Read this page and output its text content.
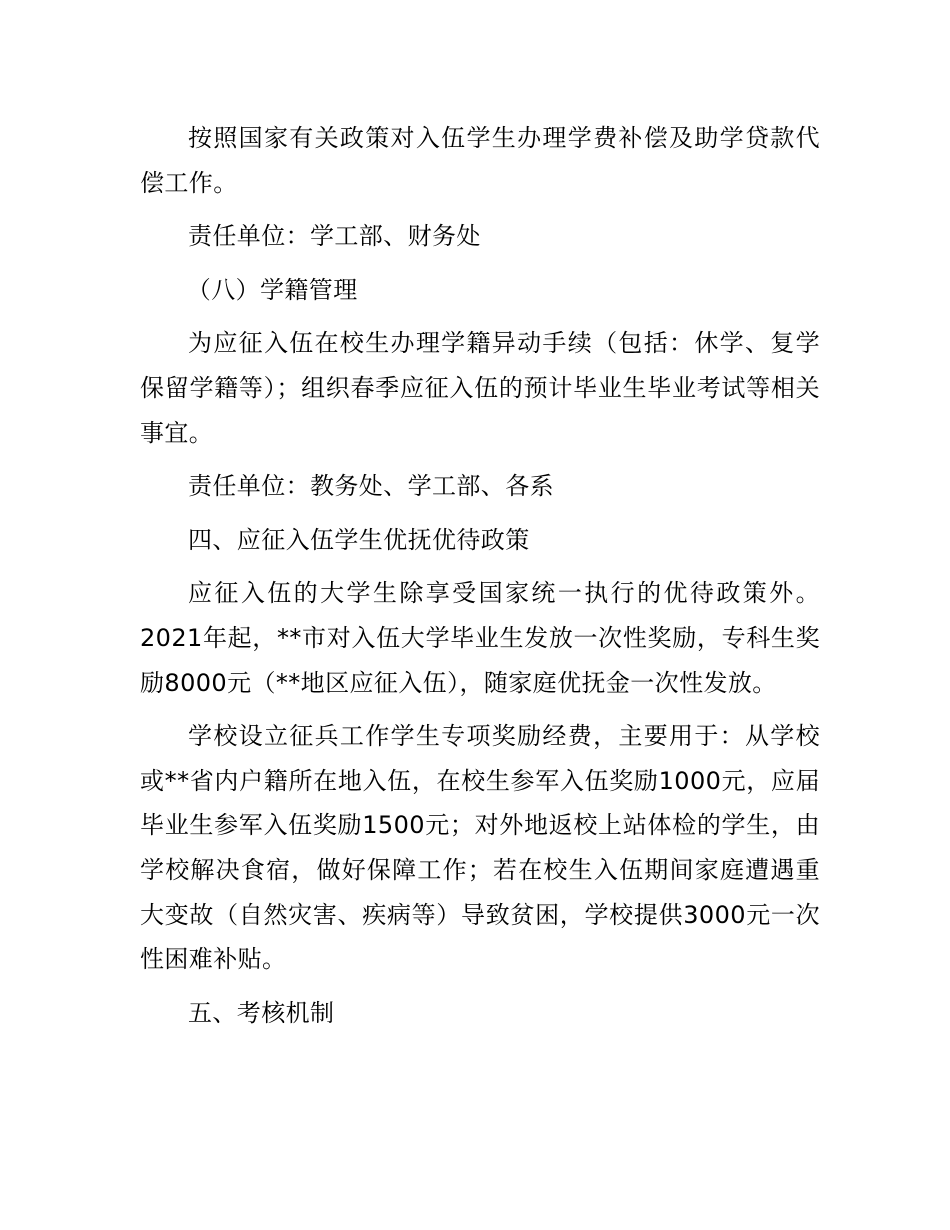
按照国家有关政策对入伍学生办理学费补偿及助学贷款代偿工作。

责任单位：学工部、财务处

（八）学籍管理

为应征入伍在校生办理学籍异动手续（包括：休学、复学保留学籍等）；组织春季应征入伍的预计毕业生毕业考试等相关事宜。

责任单位：教务处、学工部、各系

四、应征入伍学生优抚优待政策

应征入伍的大学生除享受国家统一执行的优待政策外。2021年起，**市对入伍大学毕业生发放一次性奖励，专科生奖励8000元（**地区应征入伍），随家庭优抚金一次性发放。

学校设立征兵工作学生专项奖励经费，主要用于：从学校或**省内户籍所在地入伍，在校生参军入伍奖励1000元，应届毕业生参军入伍奖励1500元；对外地返校上站体检的学生，由学校解决食宿，做好保障工作；若在校生入伍期间家庭遭遇重大变故（自然灾害、疾病等）导致贫困，学校提供3000元一次性困难补贴。

五、考核机制
